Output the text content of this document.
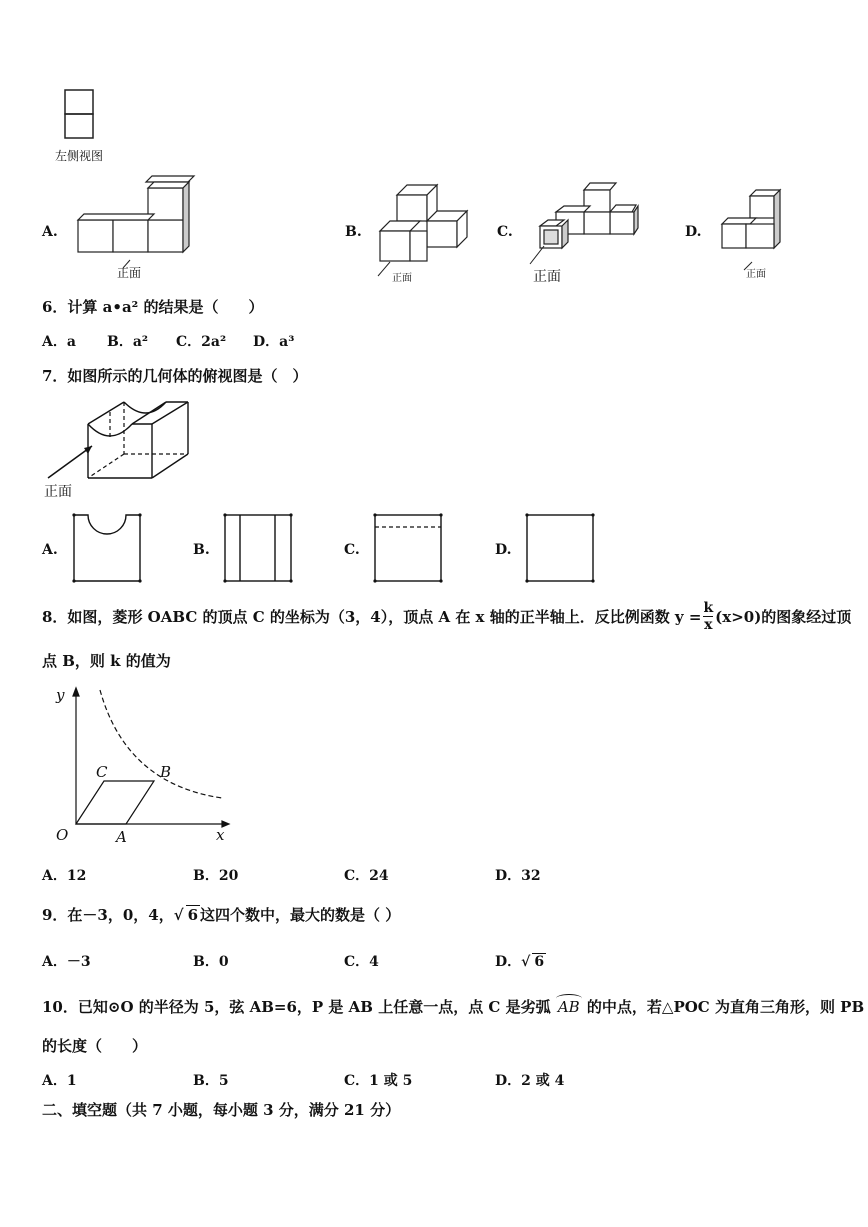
左侧视图
A.
正面
B.
正面
C.
正面
D.
正面
6．计算 a•a² 的结果是（　　）
A．a B．a² C．2a² D．a³
7．如图所示的几何体的俯视图是（　）
正面
A.	B.	C.	D.
8．如图，菱形 OABC 的顶点 C 的坐标为（3，4），顶点 A 在 x 轴的正半轴上．反比例函数 $y = \frac{k}{x} (x>0)$的图象经过顶
点 B，则 k 的值为
y
x
O	A
C	B
A．12	B．20	C．24	D．32
9．在－3，0，4，√ 6 这四个数中，最大的数是（ ）
A．－3	B．0	C．4	D．√ 6
10．已知⊙O 的半径为 5，弦 AB=6，P 是 AB 上任意一点，点 C 是劣弧 AB 的中点，若△POC 为直角三角形，则 PB
的长度（　　）
A．1	B．5	C．1 或 5	D．2 或 4
二、填空题（共 7 小题，每小题 3 分，满分 21 分）
